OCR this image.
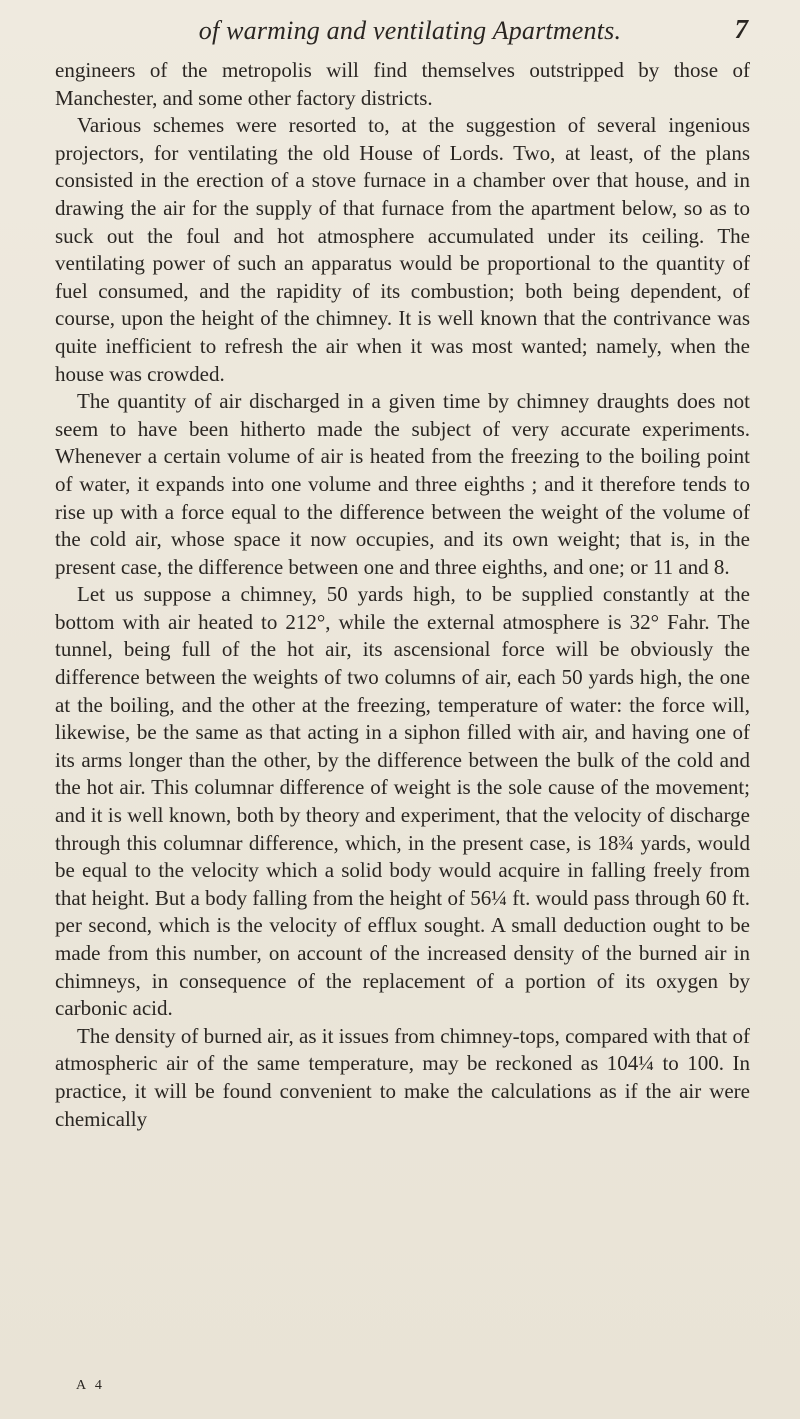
of warming and ventilating Apartments.	7

engineers of the metropolis will find themselves outstripped by those of Manchester, and some other factory districts.

Various schemes were resorted to, at the suggestion of several ingenious projectors, for ventilating the old House of Lords. Two, at least, of the plans consisted in the erection of a stove furnace in a chamber over that house, and in drawing the air for the supply of that furnace from the apartment below, so as to suck out the foul and hot atmosphere accumulated under its ceiling. The ventilating power of such an apparatus would be proportional to the quantity of fuel consumed, and the rapidity of its combustion; both being dependent, of course, upon the height of the chimney. It is well known that the contrivance was quite inefficient to refresh the air when it was most wanted; namely, when the house was crowded.

The quantity of air discharged in a given time by chimney draughts does not seem to have been hitherto made the subject of very accurate experiments. Whenever a certain volume of air is heated from the freezing to the boiling point of water, it expands into one volume and three eighths ; and it therefore tends to rise up with a force equal to the difference between the weight of the volume of the cold air, whose space it now occupies, and its own weight; that is, in the present case, the difference between one and three eighths, and one; or 11 and 8.

Let us suppose a chimney, 50 yards high, to be supplied constantly at the bottom with air heated to 212°, while the external atmosphere is 32° Fahr. The tunnel, being full of the hot air, its ascensional force will be obviously the difference between the weights of two columns of air, each 50 yards high, the one at the boiling, and the other at the freezing, temperature of water: the force will, likewise, be the same as that acting in a siphon filled with air, and having one of its arms longer than the other, by the difference between the bulk of the cold and the hot air. This columnar difference of weight is the sole cause of the movement; and it is well known, both by theory and experiment, that the velocity of discharge through this columnar difference, which, in the present case, is 18¾ yards, would be equal to the velocity which a solid body would acquire in falling freely from that height. But a body falling from the height of 56¼ ft. would pass through 60 ft. per second, which is the velocity of efflux sought. A small deduction ought to be made from this number, on account of the increased density of the burned air in chimneys, in consequence of the replacement of a portion of its oxygen by carbonic acid.

The density of burned air, as it issues from chimney-tops, compared with that of atmospheric air of the same temperature, may be reckoned as 104¼ to 100. In practice, it will be found convenient to make the calculations as if the air were chemically

A 4
